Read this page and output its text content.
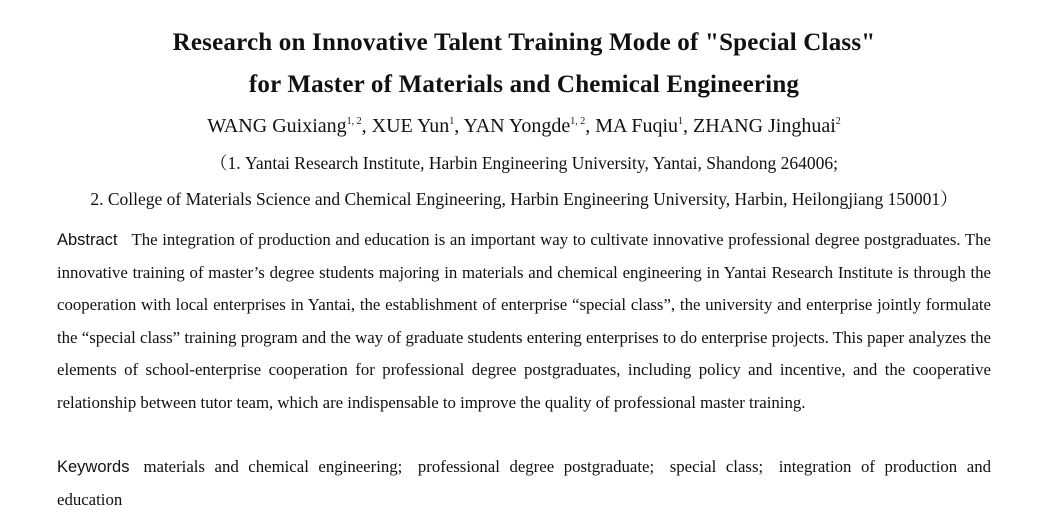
Research on Innovative Talent Training Mode of "Special Class"
for Master of Materials and Chemical Engineering
WANG Guixiang$^{1, 2}$, XUE Yun$^1$, YAN Yongde$^{1, 2}$, MA Fuqiu$^1$, ZHANG Jinghuai$^2$
（1. Yantai Research Institute, Harbin Engineering University, Yantai, Shandong 264006;
2. College of Materials Science and Chemical Engineering, Harbin Engineering University, Harbin, Heilongjiang 150001）
Abstract The integration of production and education is an important way to cultivate innovative professional degree postgraduates. The innovative training of master’s degree students majoring in materials and chemical engineering in Yantai Research Institute is through the cooperation with local enterprises in Yantai, the establishment of enterprise “special class”, the university and enterprise jointly formulate the “special class” training program and the way of graduate students entering enterprises to do enterprise projects. This paper analyzes the elements of school-enterprise cooperation for professional degree postgraduates, including policy and incentive, and the cooperative relationship between tutor team, which are indispensable to improve the quality of professional master training.
Keywords materials and chemical engineering; professional degree postgraduate; special class; integration of production and education
